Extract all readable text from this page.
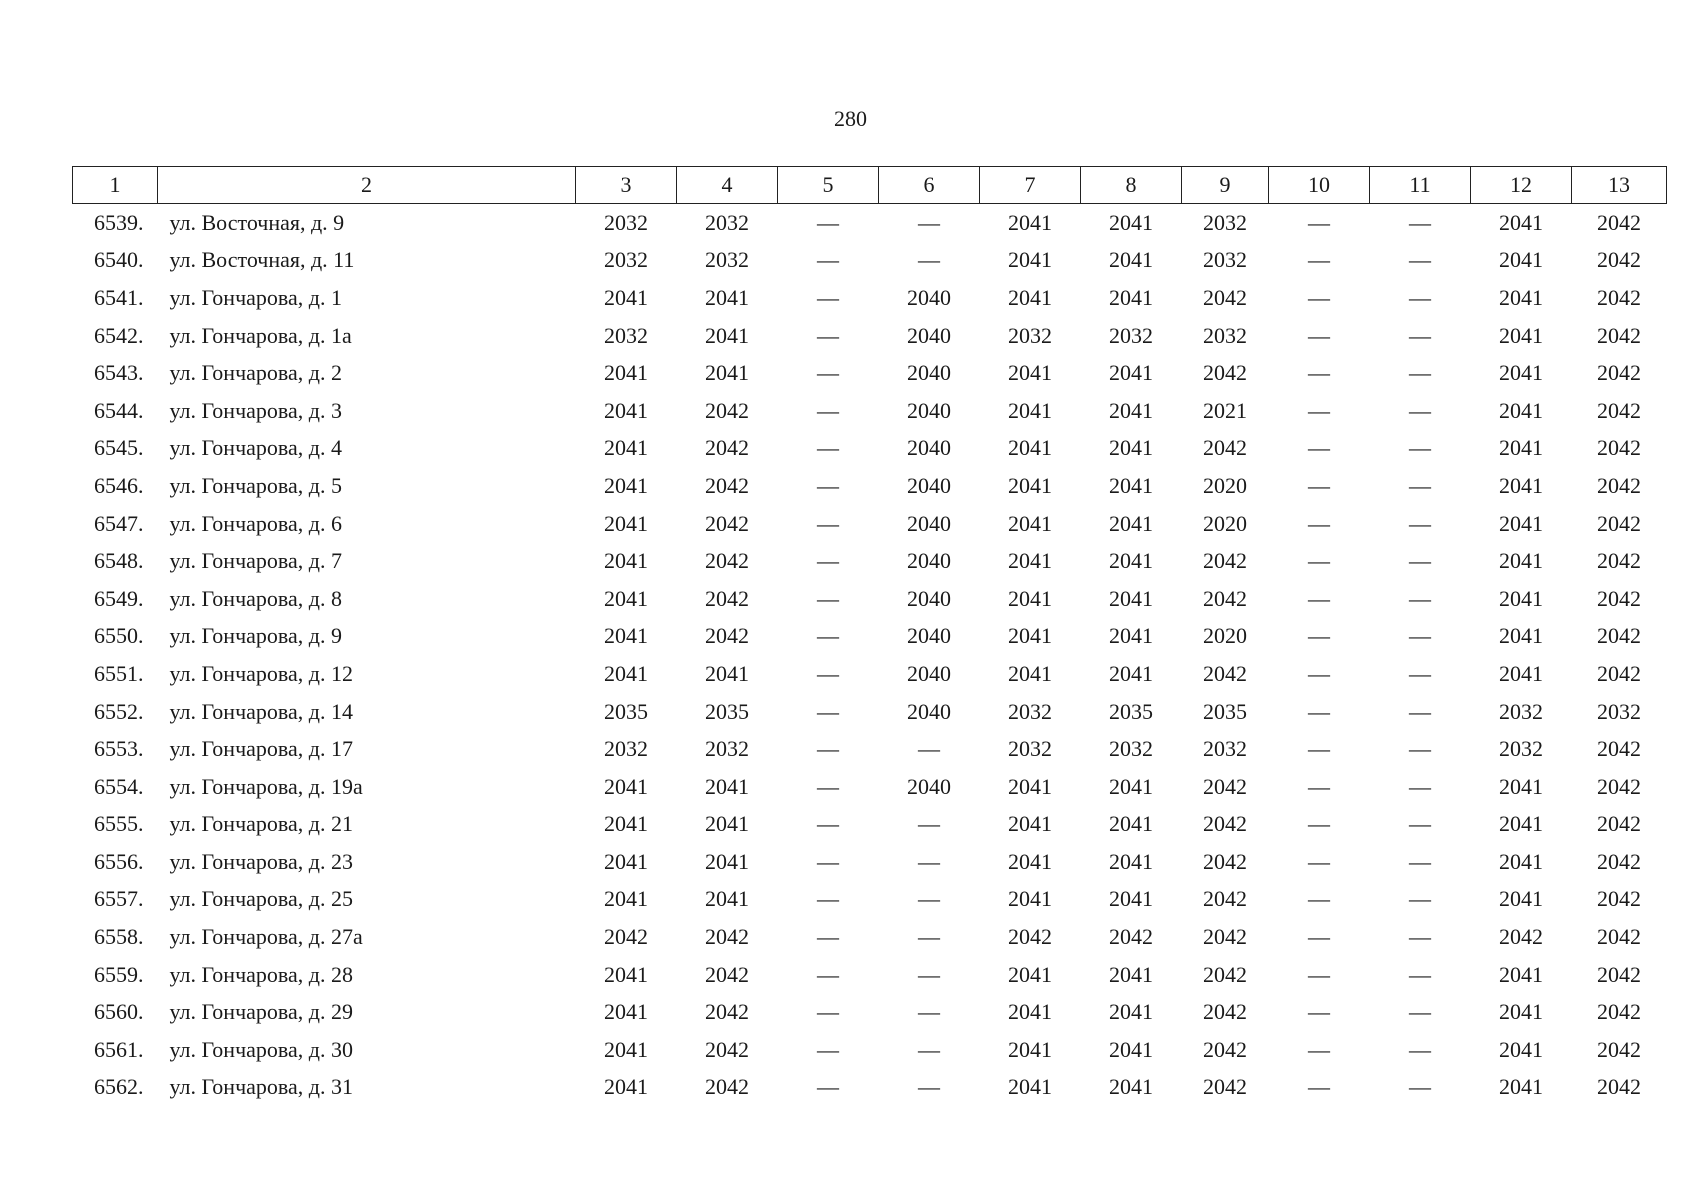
280
1	2	3	4	5	6	7	8	9	10	11	12	13
6539.	ул. Восточная, д. 9	2032	2032	—	—	2041	2041	2032	—	—	2041	2042
6540.	ул. Восточная, д. 11	2032	2032	—	—	2041	2041	2032	—	—	2041	2042
6541.	ул. Гончарова, д. 1	2041	2041	—	2040	2041	2041	2042	—	—	2041	2042
6542.	ул. Гончарова, д. 1а	2032	2041	—	2040	2032	2032	2032	—	—	2041	2042
6543.	ул. Гончарова, д. 2	2041	2041	—	2040	2041	2041	2042	—	—	2041	2042
6544.	ул. Гончарова, д. 3	2041	2042	—	2040	2041	2041	2021	—	—	2041	2042
6545.	ул. Гончарова, д. 4	2041	2042	—	2040	2041	2041	2042	—	—	2041	2042
6546.	ул. Гончарова, д. 5	2041	2042	—	2040	2041	2041	2020	—	—	2041	2042
6547.	ул. Гончарова, д. 6	2041	2042	—	2040	2041	2041	2020	—	—	2041	2042
6548.	ул. Гончарова, д. 7	2041	2042	—	2040	2041	2041	2042	—	—	2041	2042
6549.	ул. Гончарова, д. 8	2041	2042	—	2040	2041	2041	2042	—	—	2041	2042
6550.	ул. Гончарова, д. 9	2041	2042	—	2040	2041	2041	2020	—	—	2041	2042
6551.	ул. Гончарова, д. 12	2041	2041	—	2040	2041	2041	2042	—	—	2041	2042
6552.	ул. Гончарова, д. 14	2035	2035	—	2040	2032	2035	2035	—	—	2032	2032
6553.	ул. Гончарова, д. 17	2032	2032	—	—	2032	2032	2032	—	—	2032	2042
6554.	ул. Гончарова, д. 19а	2041	2041	—	2040	2041	2041	2042	—	—	2041	2042
6555.	ул. Гончарова, д. 21	2041	2041	—	—	2041	2041	2042	—	—	2041	2042
6556.	ул. Гончарова, д. 23	2041	2041	—	—	2041	2041	2042	—	—	2041	2042
6557.	ул. Гончарова, д. 25	2041	2041	—	—	2041	2041	2042	—	—	2041	2042
6558.	ул. Гончарова, д. 27а	2042	2042	—	—	2042	2042	2042	—	—	2042	2042
6559.	ул. Гончарова, д. 28	2041	2042	—	—	2041	2041	2042	—	—	2041	2042
6560.	ул. Гончарова, д. 29	2041	2042	—	—	2041	2041	2042	—	—	2041	2042
6561.	ул. Гончарова, д. 30	2041	2042	—	—	2041	2041	2042	—	—	2041	2042
6562.	ул. Гончарова, д. 31	2041	2042	—	—	2041	2041	2042	—	—	2041	2042
